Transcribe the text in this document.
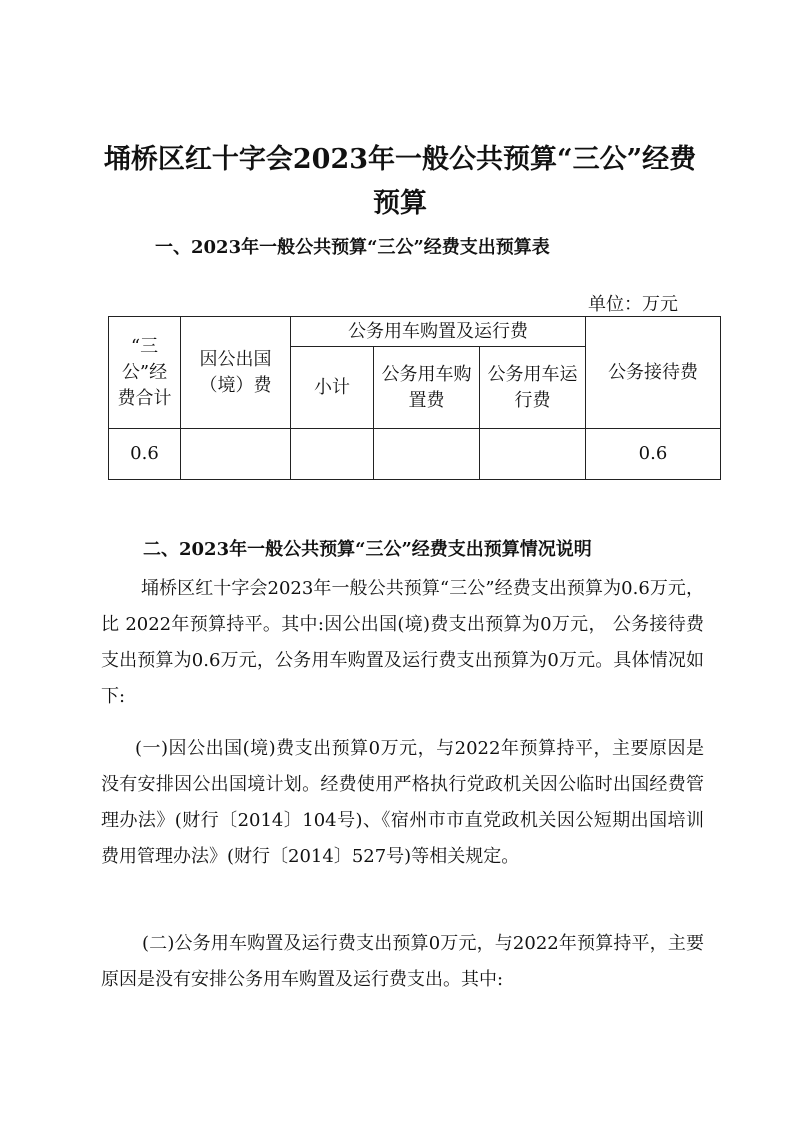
埇桥区红十字会2023年一般公共预算“三公”经费预算
一、2023年一般公共预算“三公”经费支出预算表
单位：万元
“三公”经费合计	因公出国（境）费	公务用车购置及运行费			公务接待费
		小计	公务用车购置费	公务用车运行费	
0.6					0.6
二、2023年一般公共预算“三公”经费支出预算情况说明

埇桥区红十字会2023年一般公共预算“三公”经费支出预算为0.6万元，比 2022年预算持平。其中:因公出国(境)费支出预算为0万元， 公务接待费支出预算为0.6万元，公务用车购置及运行费支出预算为0万元。具体情况如下:

(一)因公出国(境)费支出预算0万元，与2022年预算持平，主要原因是没有安排因公出国境计划。经费使用严格执行党政机关因公临时出国经费管理办法》(财行〔2014〕104号)、《宿州市市直党政机关因公短期出国培训费用管理办法》(财行〔2014〕527号)等相关规定。

(二)公务用车购置及运行费支出预算0万元，与2022年预算持平，主要原因是没有安排公务用车购置及运行费支出。其中:
